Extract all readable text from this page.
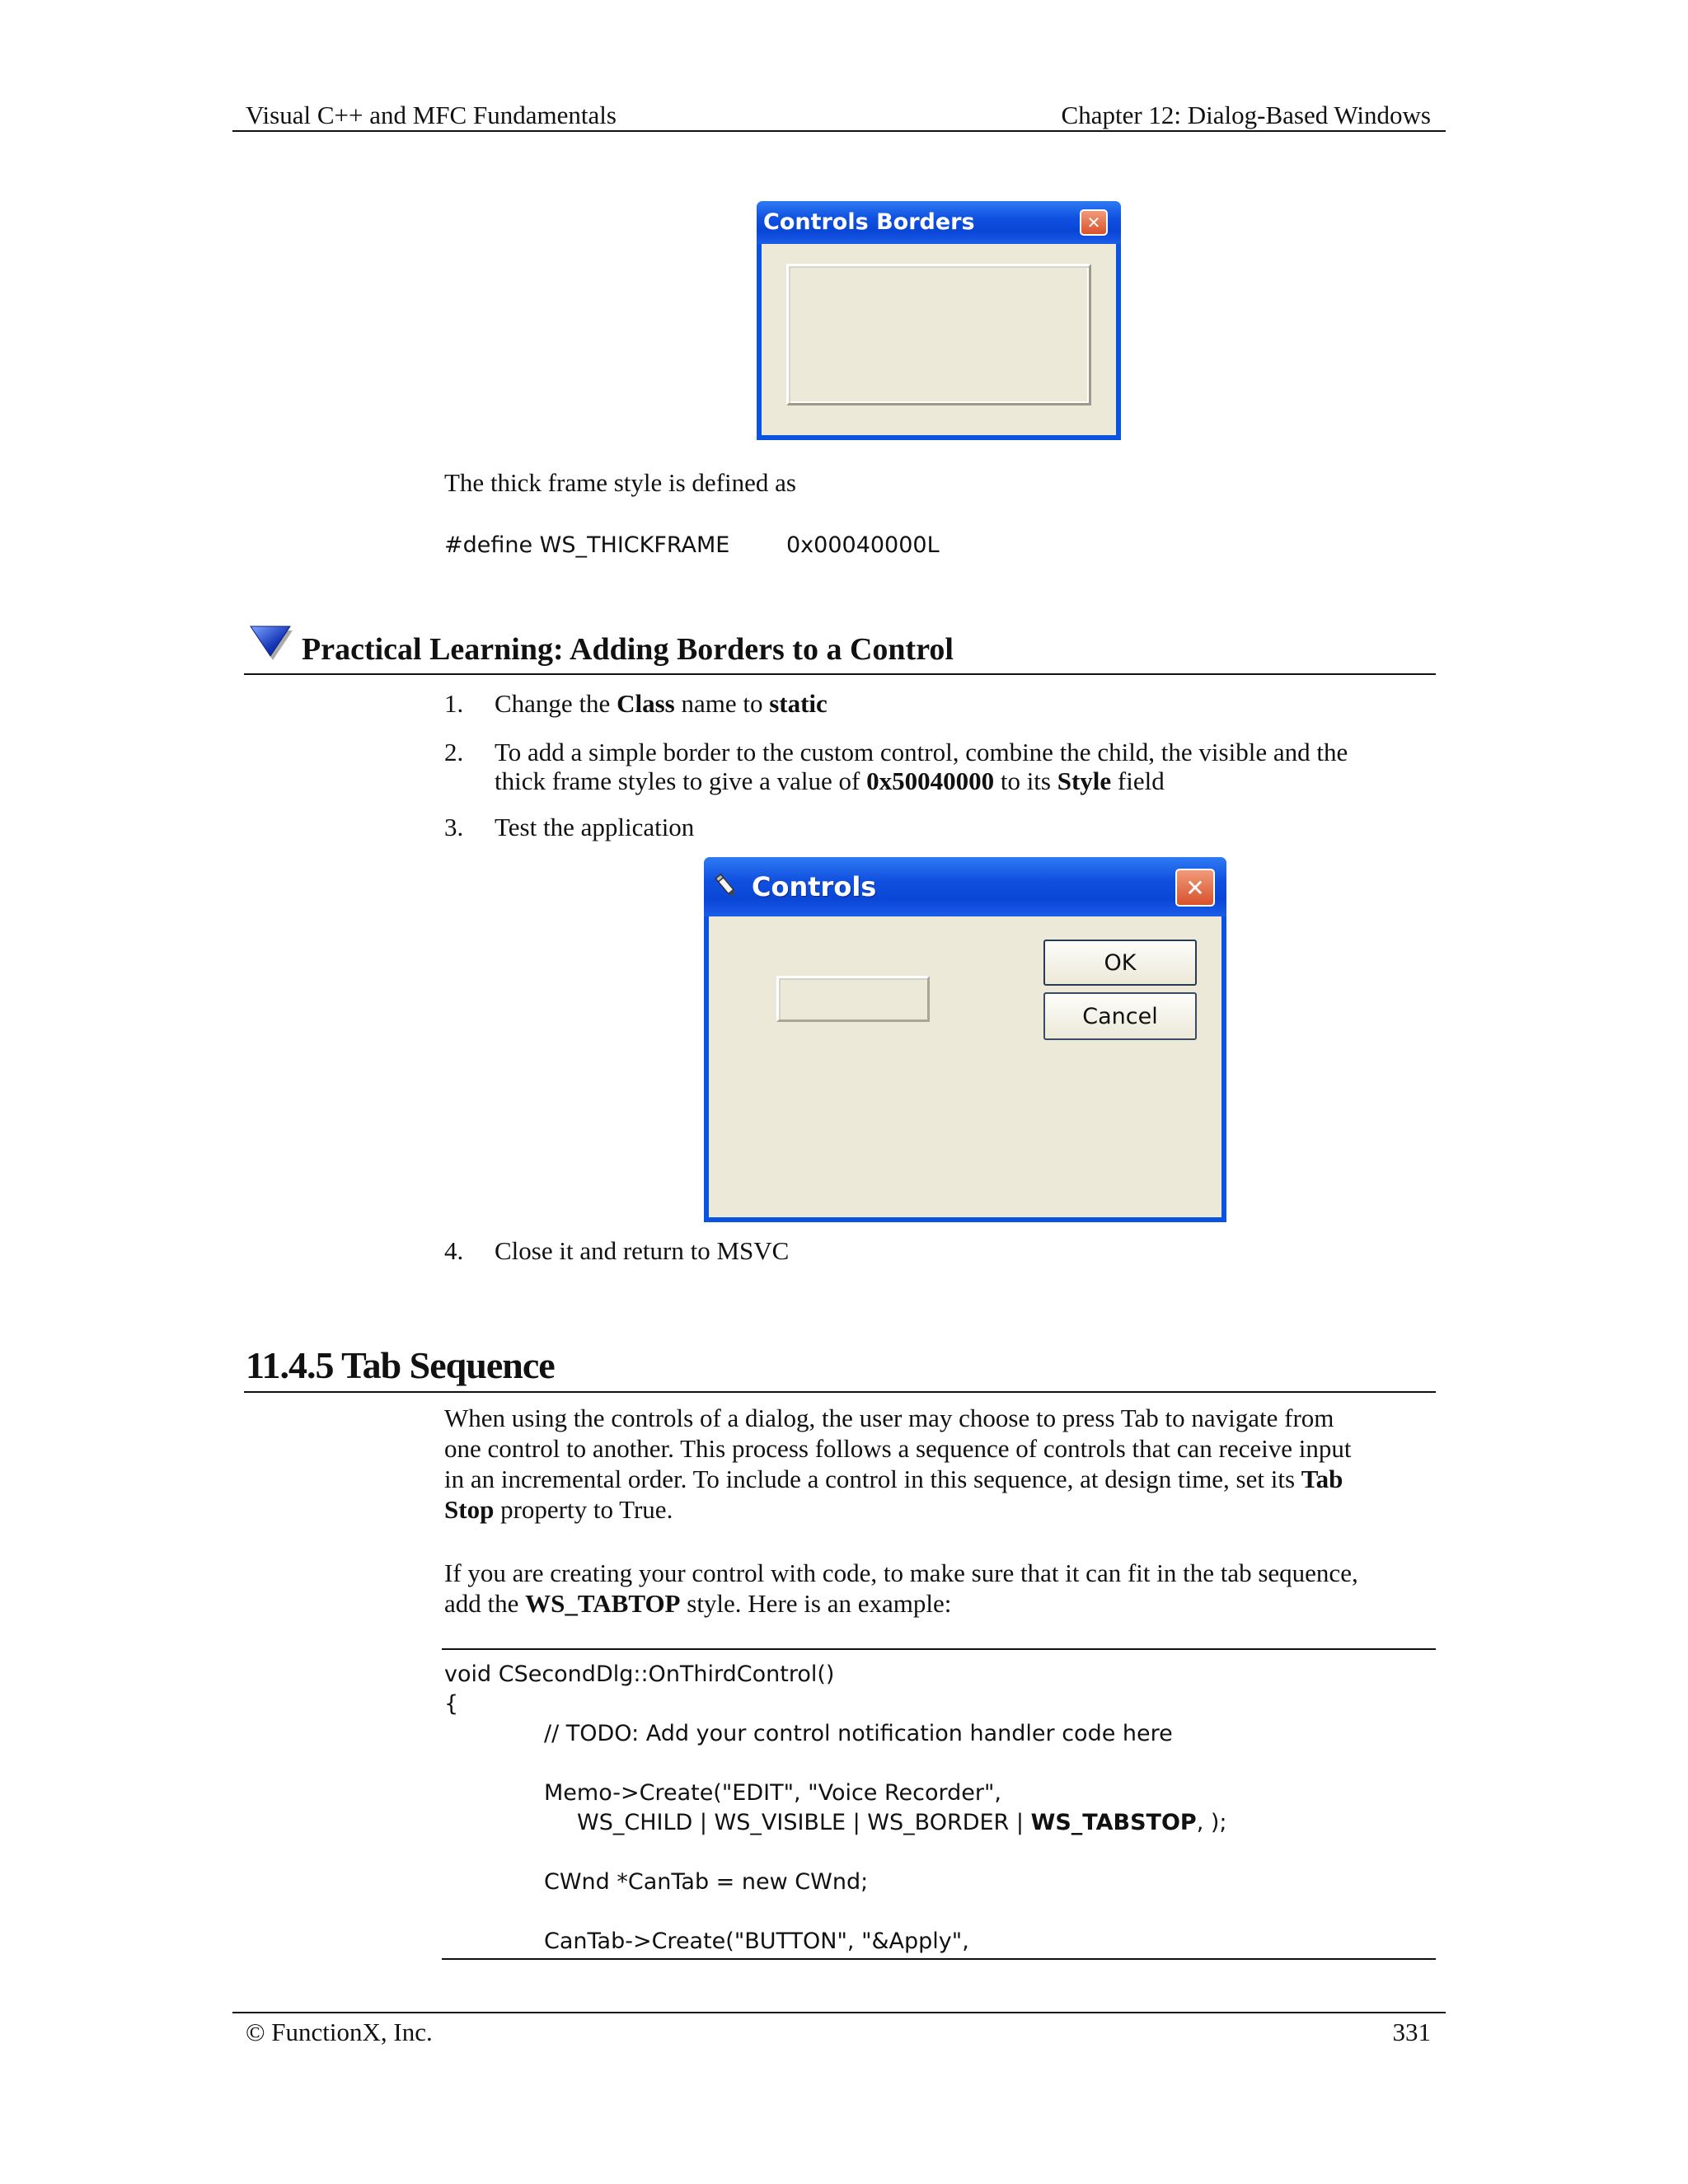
Visual C++ and MFC Fundamentals	Chapter 12: Dialog-Based Windows
Controls Borders	✕
The thick frame style is defined as
#define WS_THICKFRAME	0x00040000L
Practical Learning: Adding Borders to a Control
1. Change the Class name to static
2. To add a simple border to the custom control, combine the child, the visible and the
thick frame styles to give a value of 0x50040000 to its Style field
3. Test the application
Controls	✕
OK
Cancel
4. Close it and return to MSVC
11.4.5 Tab Sequence
When using the controls of a dialog, the user may choose to press Tab to navigate from
one control to another. This process follows a sequence of controls that can receive input
in an incremental order. To include a control in this sequence, at design time, set its Tab
Stop property to True.
If you are creating your control with code, to make sure that it can fit in the tab sequence,
add the WS_TABTOP style. Here is an example:
void CSecondDlg::OnThirdControl()
{
// TODO: Add your control notification handler code here
Memo->Create("EDIT", "Voice Recorder",
WS_CHILD | WS_VISIBLE | WS_BORDER | WS_TABSTOP, );
CWnd *CanTab = new CWnd;
CanTab->Create("BUTTON", "&Apply",
© FunctionX, Inc.	331
